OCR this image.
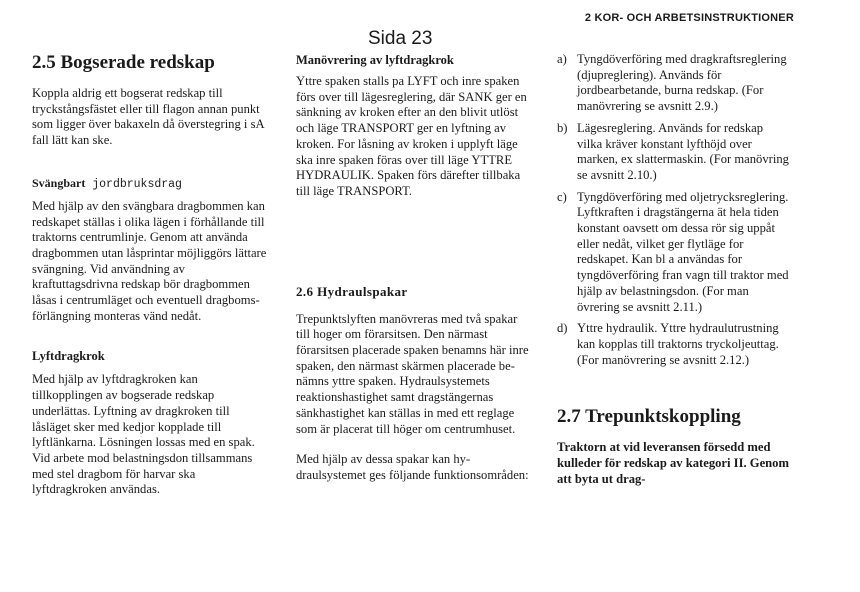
2 KOR‑ OCH ARBETSINSTRUKTIONER
Sida 23
2.5 Bogserade redskap

Koppla aldrig ett bogserat redskap till tryckstångsfästet eller till flagon annan punkt som ligger över bakaxeln då överstegring i sA fall lätt kan ske.

Svängbart jordbruksdrag

Med hjälp av den svängbara dragbommen kan redskapet ställas i olika lägen i förhållande till traktorns centrumlinje. Genom att använda dragbommen utan låsprintar möjliggörs lättare svängning. Vid användning av kraftuttagsdrivna redskap bör dragbommen låsas i centrumläget och eventuell dragbomsförlängning monteras vänd nedåt.

Lyftdragkrok

Med hjälp av lyftdragkroken kan tillkopplingen av bogserade redskap underlättas. Lyftning av dragkroken till låsläget sker med kedjor kopplade till lyftlänkarna. Lösningen lossas med en spak.

Vid arbete mod belastningsdon tillsammans med stel dragbom för harvar ska lyftdragkroken användas.

Manövrering av lyftdragkrok

Yttre spaken stalls pa LYFT och inre spaken förs over till lägesreglering, där SANK ger en sänkning av kroken efter an den blivit utlöst och läge TRANSPORT ger en lyftning av kroken. For låsning av kroken i upplyft läge ska inre spaken föras over till läge YTTRE HYDRAULIK. Spaken förs därefter tillbaka till läge TRANSPORT.

2.6 Hydraulspakar

Trepunktslyften manövreras med två spakar till hoger om förarsitsen. Den närmast förarsitsen placerade spaken benamns här inre spaken, den närmast skärmen placerade benämns yttre spaken. Hydraulsystemets reaktionshastighet samt dragstängernas sänkhastighet kan ställas in med ett reglage som är placerat till höger om centrumhuset.

Med hjälp av dessa spakar kan hydraulsystemet ges följande funktionsområden:

a) Tyngdöverföring med dragkraftsreglering (djupreglering). Används för jordbearbetande, burna redskap. (For manövrering se avsnitt 2.9.)
b) Lägesreglering. Används for redskap vilka kräver konstant lyfthöjd over marken, ex slattermaskin. (For manövring se avsnitt 2.10.)
c) Tyngdöverföring med oljetrycksreglering. Lyftkraften i dragstängerna ät hela tiden konstant oavsett om dessa rör sig uppåt eller nedåt, vilket ger flytläge for redskapet. Kan bl a användas for tyngdöverföring fran vagn till traktor med hjälp av belastningsdon. (For man övrering se avsnitt 2.11.)
d) Yttre hydraulik. Yttre hydraulutrustning kan kopplas till traktorns tryckoljeuttag. (For manövrering se avsnitt 2.12.)
2.7 Trepunktskoppling

Traktorn at vid leveransen försedd med kulleder för redskap av kategori II. Genom att byta ut drag-
